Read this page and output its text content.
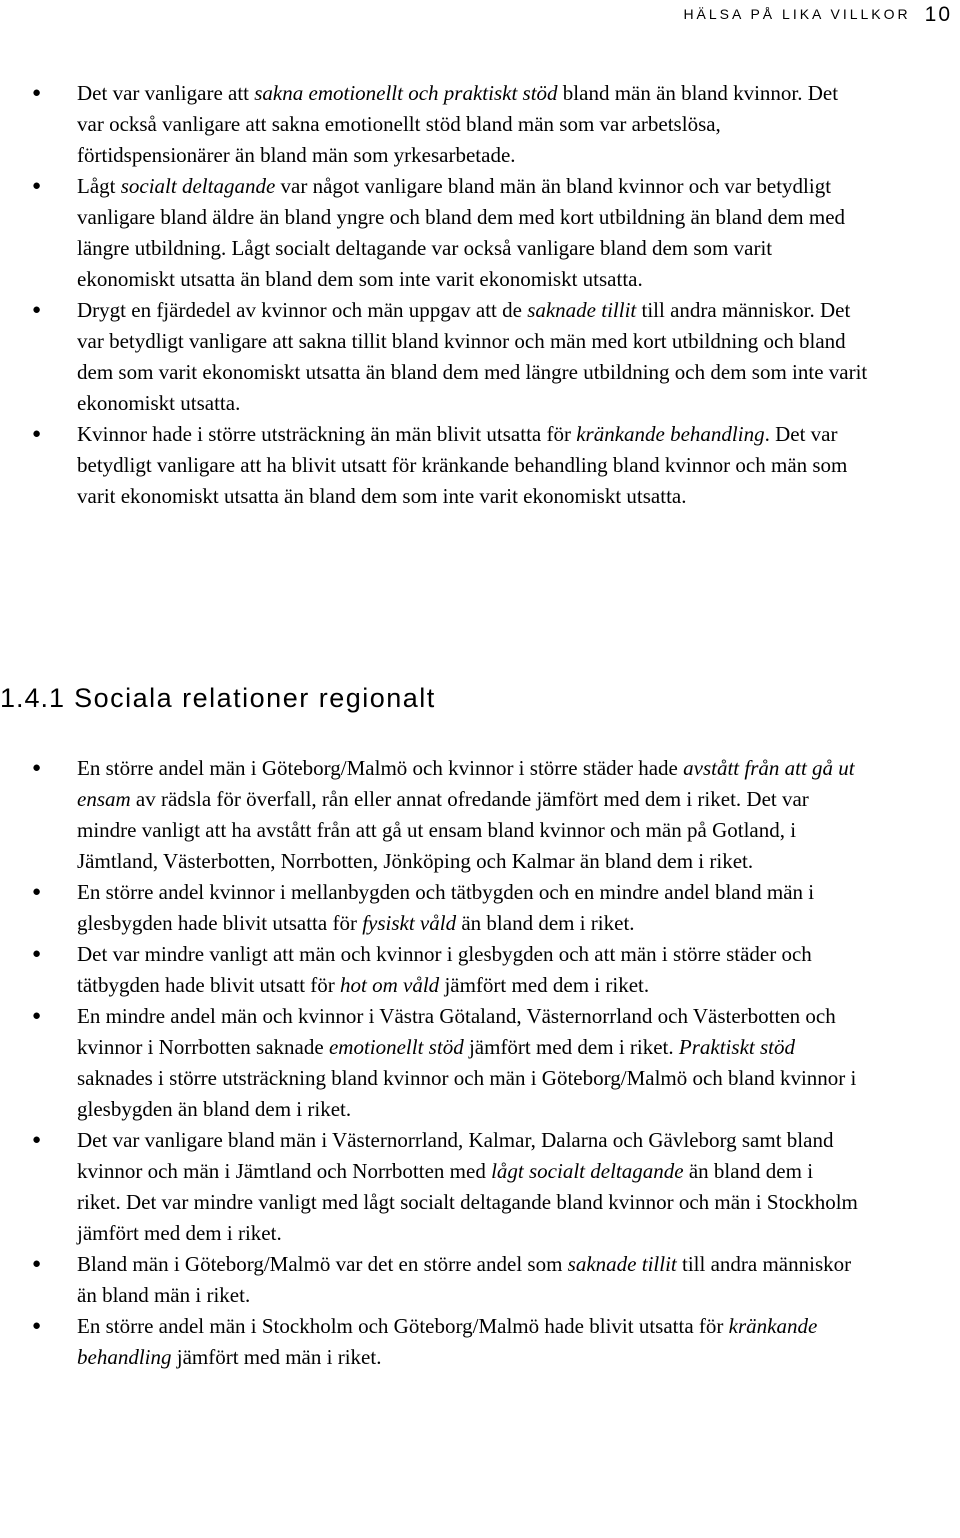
HÄLSA PÅ LIKA VILLKOR 10
● Det var vanligare att sakna emotionellt och praktiskt stöd bland män än bland kvinnor. Det var också vanligare att sakna emotionellt stöd bland män som var arbetslösa, förtidspensionärer än bland män som yrkesarbetade.
● Lågt socialt deltagande var något vanligare bland män än bland kvinnor och var betydligt vanligare bland äldre än bland yngre och bland dem med kort utbildning än bland dem med längre utbildning. Lågt socialt deltagande var också vanligare bland dem som varit ekonomiskt utsatta än bland dem som inte varit ekonomiskt utsatta.
● Drygt en fjärdedel av kvinnor och män uppgav att de saknade tillit till andra människor. Det var betydligt vanligare att sakna tillit bland kvinnor och män med kort utbildning och bland dem som varit ekonomiskt utsatta än bland dem med längre utbildning och dem som inte varit ekonomiskt utsatta.
● Kvinnor hade i större utsträckning än män blivit utsatta för kränkande behandling. Det var betydligt vanligare att ha blivit utsatt för kränkande behandling bland kvinnor och män som varit ekonomiskt utsatta än bland dem som inte varit ekonomiskt utsatta.
1.4.1 Sociala relationer regionalt
● En större andel män i Göteborg/Malmö och kvinnor i större städer hade avstått från att gå ut ensam av rädsla för överfall, rån eller annat ofredande jämfört med dem i riket. Det var mindre vanligt att ha avstått från att gå ut ensam bland kvinnor och män på Gotland, i Jämtland, Västerbotten, Norrbotten, Jönköping och Kalmar än bland dem i riket.
● En större andel kvinnor i mellanbygden och tätbygden och en mindre andel bland män i glesbygden hade blivit utsatta för fysiskt våld än bland dem i riket.
● Det var mindre vanligt att män och kvinnor i glesbygden och att män i större städer och tätbygden hade blivit utsatt för hot om våld jämfört med dem i riket.
● En mindre andel män och kvinnor i Västra Götaland, Västernorrland och Västerbotten och kvinnor i Norrbotten saknade emotionellt stöd jämfört med dem i riket. Praktiskt stöd saknades i större utsträckning bland kvinnor och män i Göteborg/Malmö och bland kvinnor i glesbygden än bland dem i riket.
● Det var vanligare bland män i Västernorrland, Kalmar, Dalarna och Gävleborg samt bland kvinnor och män i Jämtland och Norrbotten med lågt socialt deltagande än bland dem i riket. Det var mindre vanligt med lågt socialt deltagande bland kvinnor och män i Stockholm jämfört med dem i riket.
● Bland män i Göteborg/Malmö var det en större andel som saknade tillit till andra människor än bland män i riket.
● En större andel män i Stockholm och Göteborg/Malmö hade blivit utsatta för kränkande behandling jämfört med män i riket.
